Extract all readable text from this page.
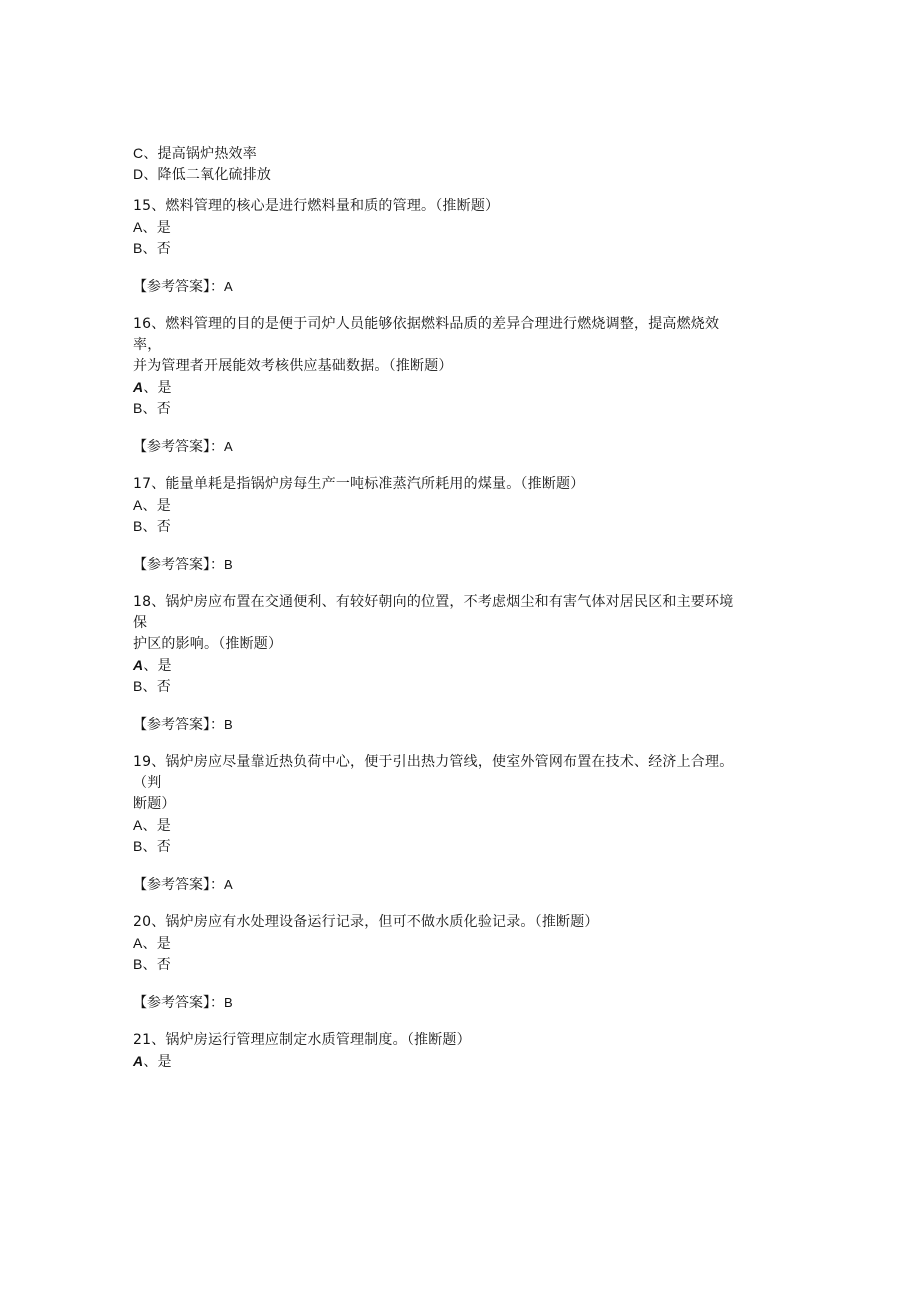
C、提高锅炉热效率
D、降低二氧化硫排放
15、燃料管理的核心是进行燃料量和质的管理。（推断题）
A、是
B、否
【参考答案】：A
16、燃料管理的目的是便于司炉人员能够依据燃料品质的差异合理进行燃烧调整，提高燃烧效
率，
并为管理者开展能效考核供应基础数据。（推断题）
A、是
B、否
【参考答案】：A
17、能量单耗是指锅炉房每生产一吨标准蒸汽所耗用的煤量。（推断题）
A、是
B、否
【参考答案】：B
18、锅炉房应布置在交通便利、有较好朝向的位置，不考虑烟尘和有害气体对居民区和主要环境
保
护区的影响。（推断题）
A、是
B、否
【参考答案】：B
19、锅炉房应尽量靠近热负荷中心，便于引出热力管线，使室外管网布置在技术、经济上合理。
（判
断题）
A、是
B、否
【参考答案】：A
20、锅炉房应有水处理设备运行记录，但可不做水质化验记录。（推断题）
A、是
B、否
【参考答案】：B
21、锅炉房运行管理应制定水质管理制度。（推断题）
A、是
